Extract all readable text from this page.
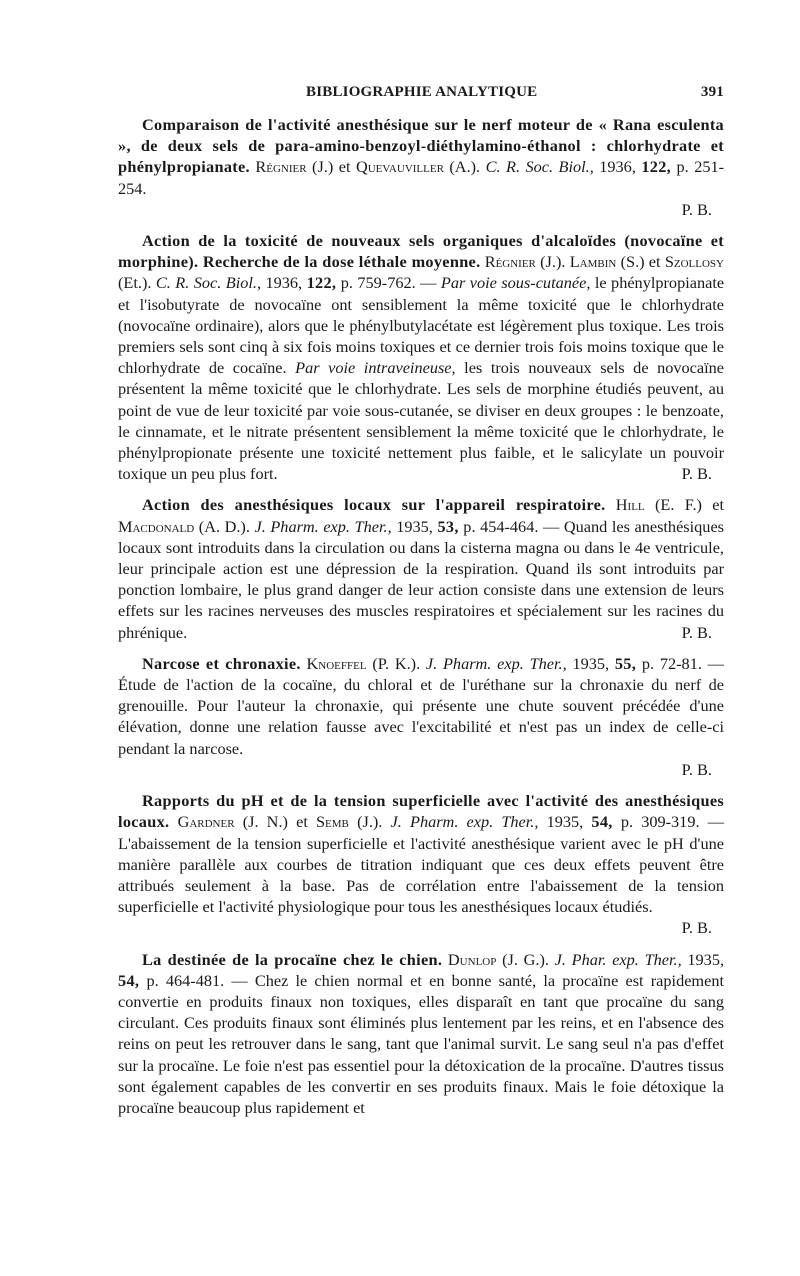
BIBLIOGRAPHIE ANALYTIQUE	391

Comparaison de l'activité anesthésique sur le nerf moteur de « Rana esculenta », de deux sels de para-amino-benzoyl-diéthylamino-éthanol : chlorhydrate et phénylpropianate. Régnier (J.) et Quevauviller (A.). C. R. Soc. Biol., 1936, 122, p. 251-254.
P. B.

Action de la toxicité de nouveaux sels organiques d'alcaloïdes (novocaïne et morphine). Recherche de la dose léthale moyenne. Régnier (J.). Lambin (S.) et Szollosy (Et.). C. R. Soc. Biol., 1936, 122, p. 759-762. — Par voie sous-cutanée, le phénylpropianate et l'isobutyrate de novocaïne ont sensiblement la même toxicité que le chlorhydrate (novocaïne ordinaire), alors que le phénylbutylacétate est légèrement plus toxique. Les trois premiers sels sont cinq à six fois moins toxiques et ce dernier trois fois moins toxique que le chlorhydrate de cocaïne. Par voie intraveineuse, les trois nouveaux sels de novocaïne présentent la même toxicité que le chlorhydrate. Les sels de morphine étudiés peuvent, au point de vue de leur toxicité par voie sous-cutanée, se diviser en deux groupes : le benzoate, le cinnamate, et le nitrate présentent sensiblement la même toxicité que le chlorhydrate, le phénylpropionate présente une toxicité nettement plus faible, et le salicylate un pouvoir toxique un peu plus fort.	P. B.

Action des anesthésiques locaux sur l'appareil respiratoire. Hill (E. F.) et Macdonald (A. D.). J. Pharm. exp. Ther., 1935, 53, p. 454-464. — Quand les anesthésiques locaux sont introduits dans la circulation ou dans la cisterna magna ou dans le 4e ventricule, leur principale action est une dépression de la respiration. Quand ils sont introduits par ponction lombaire, le plus grand danger de leur action consiste dans une extension de leurs effets sur les racines nerveuses des muscles respiratoires et spécialement sur les racines du phrénique.	P. B.

Narcose et chronaxie. Knoeffel (P. K.). J. Pharm. exp. Ther., 1935, 55, p. 72-81. — Étude de l'action de la cocaïne, du chloral et de l'uréthane sur la chronaxie du nerf de grenouille. Pour l'auteur la chronaxie, qui présente une chute souvent précédée d'une élévation, donne une relation fausse avec l'excitabilité et n'est pas un index de celle-ci pendant la narcose.
P. B.

Rapports du pH et de la tension superficielle avec l'activité des anesthésiques locaux. Gardner (J. N.) et Semb (J.). J. Pharm. exp. Ther., 1935, 54, p. 309-319. — L'abaissement de la tension superficielle et l'activité anesthésique varient avec le pH d'une manière parallèle aux courbes de titration indiquant que ces deux effets peuvent être attribués seulement à la base. Pas de corrélation entre l'abaissement de la tension superficielle et l'activité physiologique pour tous les anesthésiques locaux étudiés.
P. B.

La destinée de la procaïne chez le chien. Dunlop (J. G.). J. Phar. exp. Ther., 1935, 54, p. 464-481. — Chez le chien normal et en bonne santé, la procaïne est rapidement convertie en produits finaux non toxiques, elles disparaît en tant que procaïne du sang circulant. Ces produits finaux sont éliminés plus lentement par les reins, et en l'absence des reins on peut les retrouver dans le sang, tant que l'animal survit. Le sang seul n'a pas d'effet sur la procaïne. Le foie n'est pas essentiel pour la détoxication de la procaïne. D'autres tissus sont également capables de les convertir en ses produits finaux. Mais le foie détoxique la procaïne beaucoup plus rapidement et
